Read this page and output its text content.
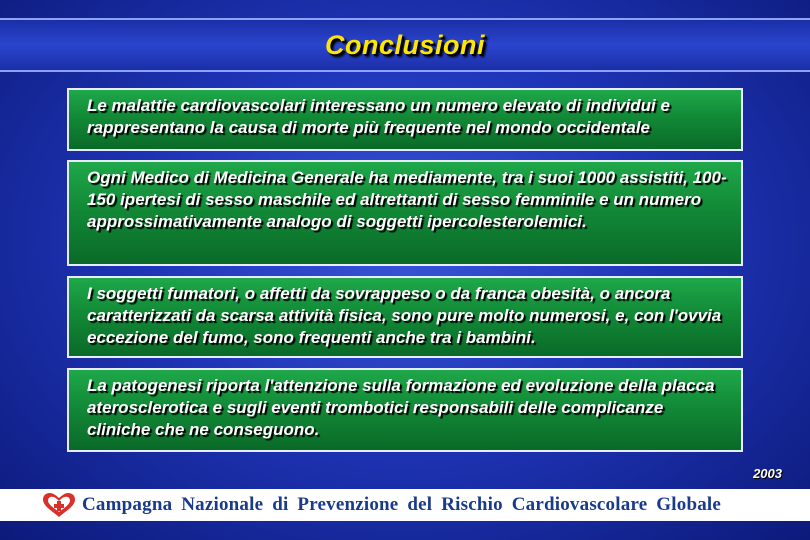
Conclusioni
Le malattie cardiovascolari interessano un numero elevato di individui e rappresentano la causa di morte più frequente nel mondo occidentale
Ogni Medico di Medicina Generale ha mediamente, tra i suoi 1000 assistiti, 100-150 ipertesi di sesso maschile ed altrettanti di sesso femminile e un numero approssimativamente analogo di soggetti ipercolesterolemici.
I soggetti fumatori, o affetti da sovrappeso o da franca obesità, o ancora caratterizzati da scarsa attività fisica, sono pure molto numerosi, e, con l'ovvia eccezione del fumo, sono frequenti anche tra i bambini.
La patogenesi riporta l'attenzione sulla formazione ed evoluzione della placca aterosclerotica e sugli eventi trombotici responsabili delle complicanze cliniche che ne conseguono.
2003
Campagna Nazionale di Prevenzione del Rischio Cardiovascolare Globale
